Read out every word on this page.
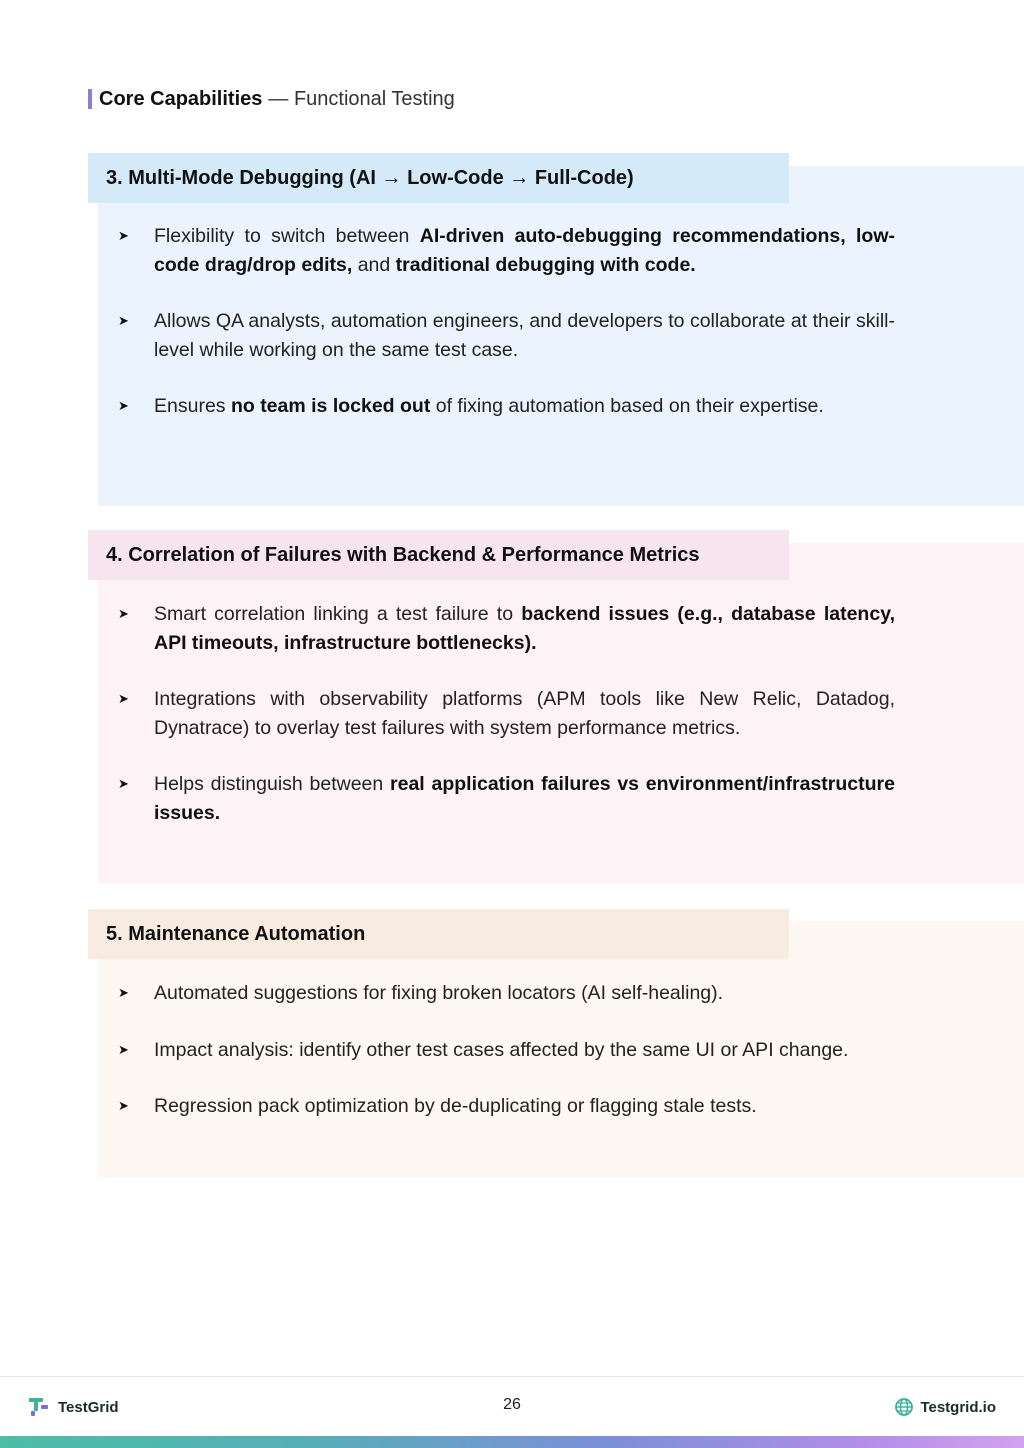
Core Capabilities — Functional Testing
3. Multi-Mode Debugging (AI → Low-Code → Full-Code)
➤	Flexibility to switch between AI-driven auto-debugging recommendations, low-code drag/drop edits, and traditional debugging with code.
➤	Allows QA analysts, automation engineers, and developers to collaborate at their skill-level while working on the same test case.
➤	Ensures no team is locked out of fixing automation based on their expertise.
4. Correlation of Failures with Backend & Performance Metrics
➤	Smart correlation linking a test failure to backend issues (e.g., database latency, API timeouts, infrastructure bottlenecks).
➤	Integrations with observability platforms (APM tools like New Relic, Datadog, Dynatrace) to overlay test failures with system performance metrics.
➤	Helps distinguish between real application failures vs environment/infrastructure issues.
5. Maintenance Automation
➤	Automated suggestions for fixing broken locators (AI self-healing).
➤	Impact analysis: identify other test cases affected by the same UI or API change.
➤	Regression pack optimization by de-duplicating or flagging stale tests.
TestGrid	26	Testgrid.io
